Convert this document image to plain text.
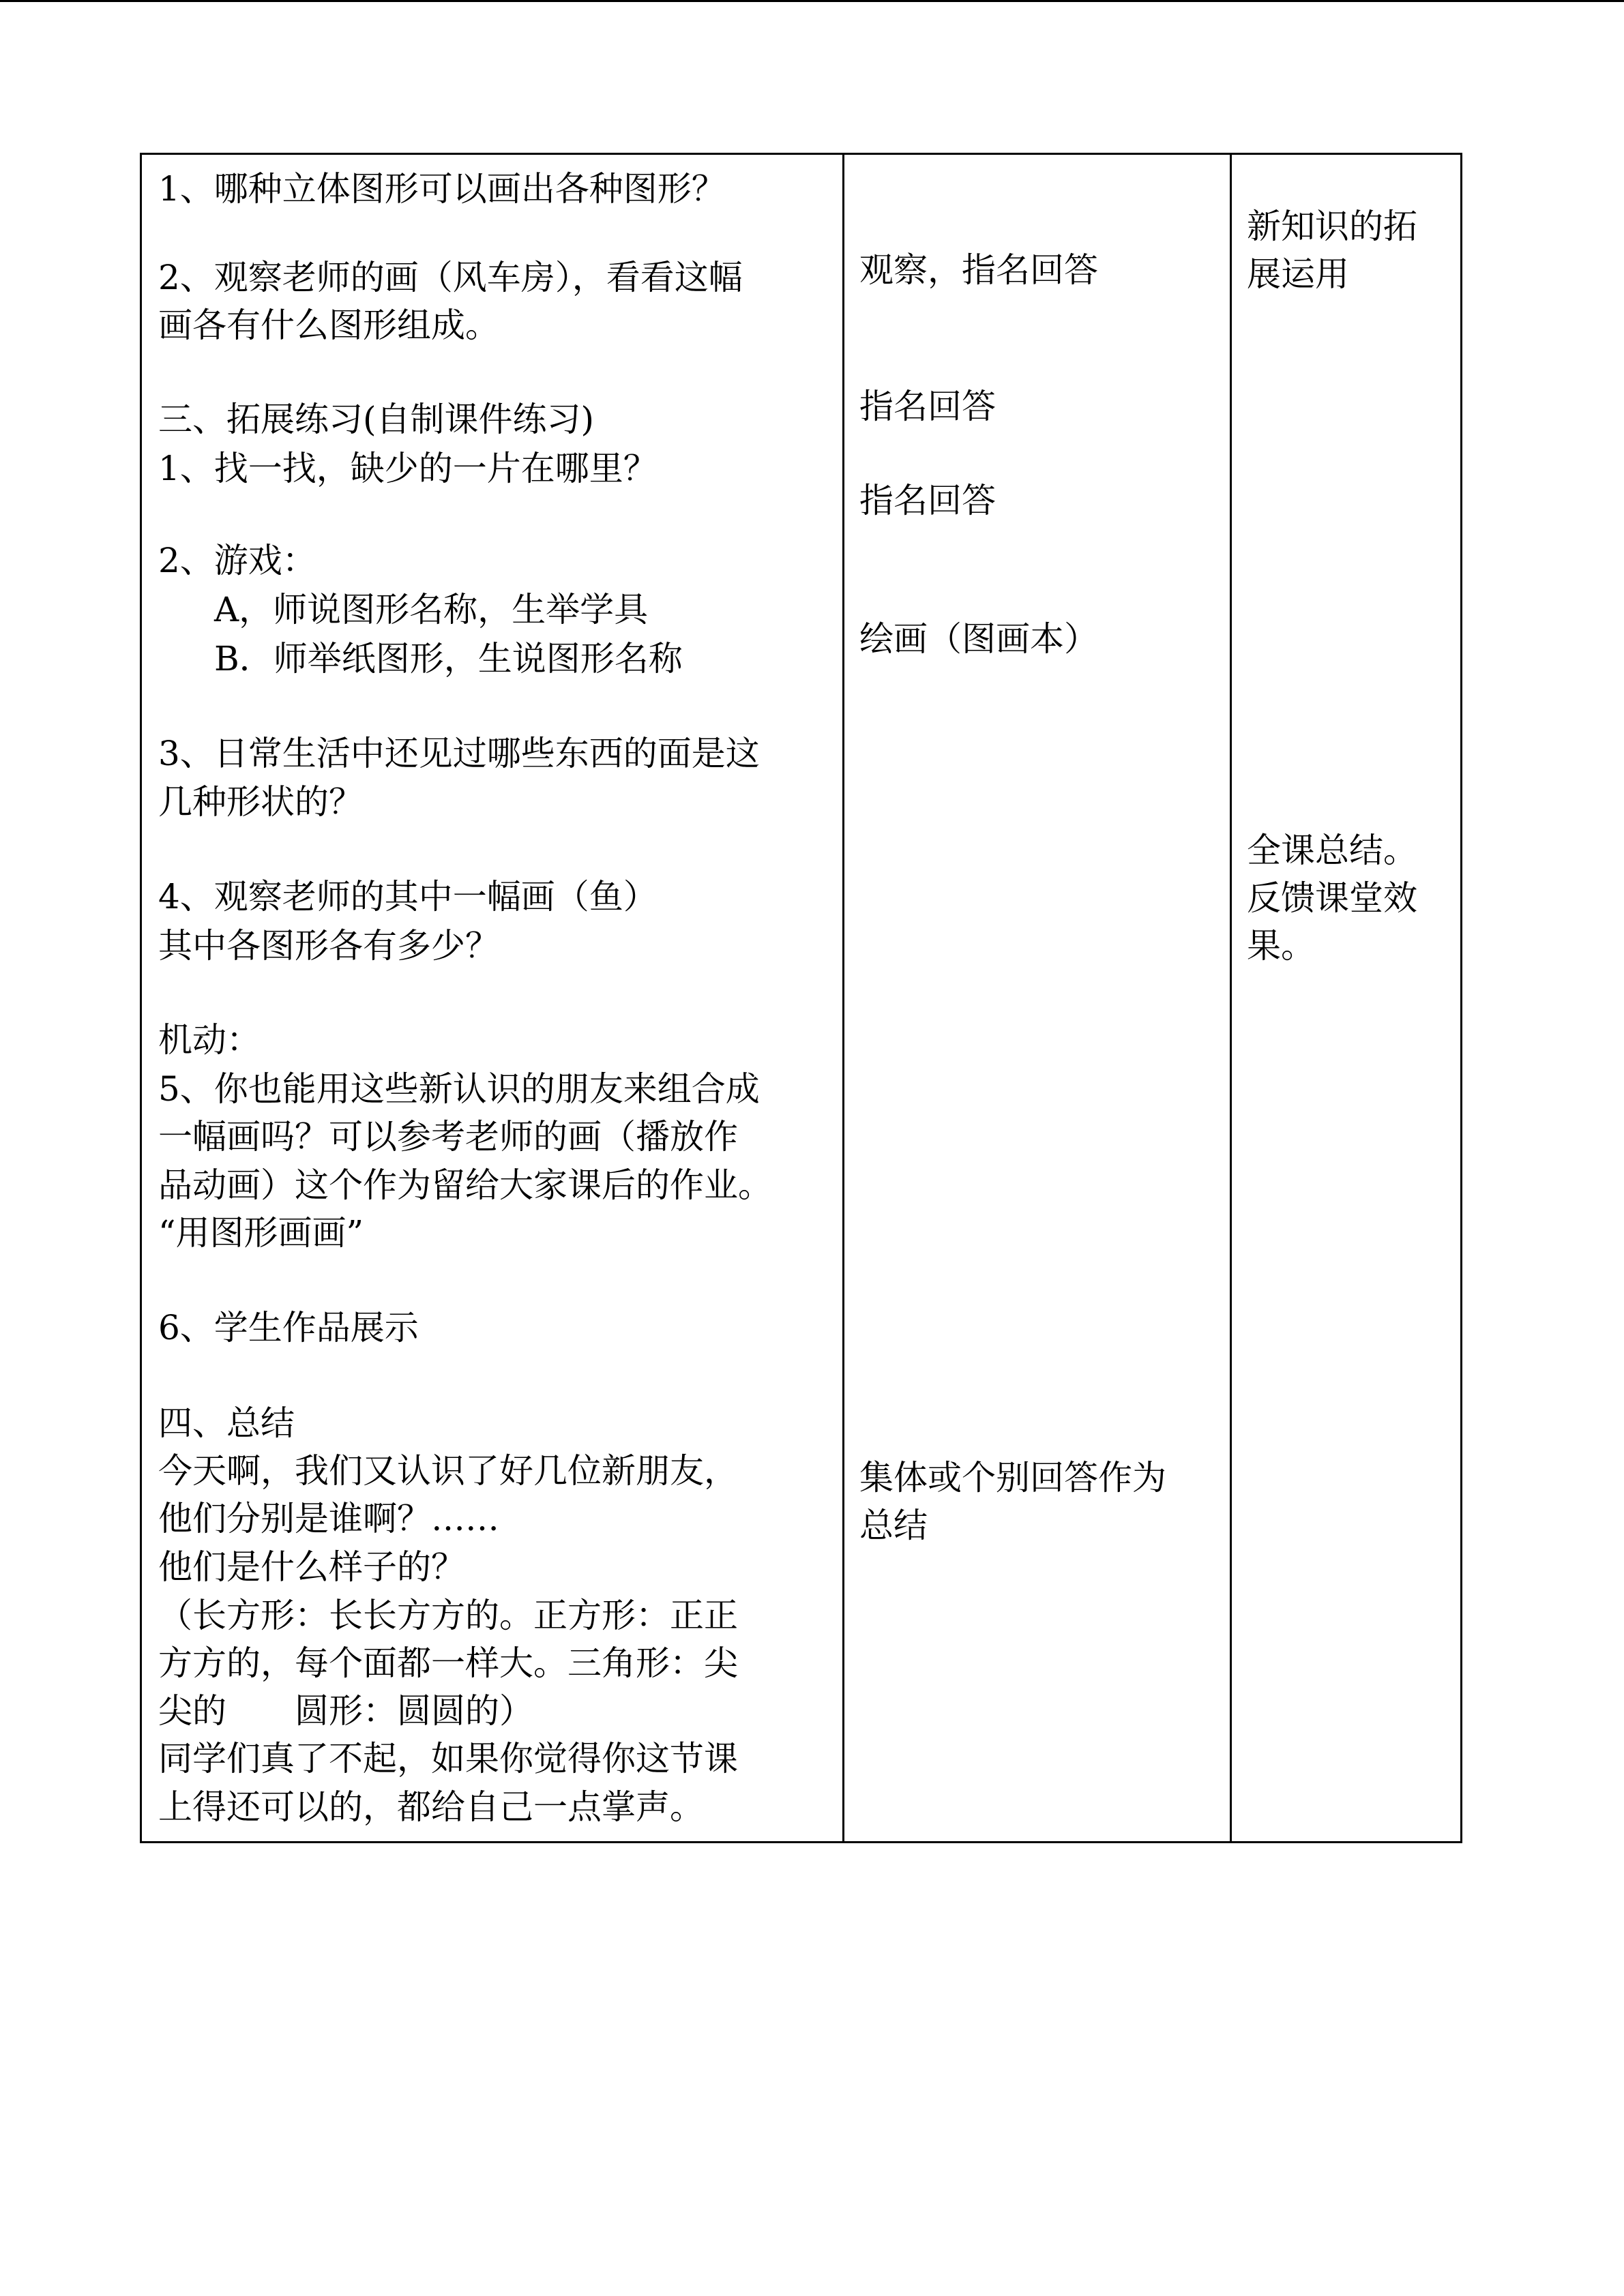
1、哪种立体图形可以画出各种图形？
2、观察老师的画（风车房），看看这幅
画各有什么图形组成。
三、拓展练习(自制课件练习)
1、找一找，缺少的一片在哪里？
2、游戏：
A，师说图形名称，生举学具
B．师举纸图形，生说图形名称
3、日常生活中还见过哪些东西的面是这
几种形状的？
4、观察老师的其中一幅画（鱼）
其中各图形各有多少？
机动：
5、你也能用这些新认识的朋友来组合成
一幅画吗？可以参考老师的画（播放作
品动画）这个作为留给大家课后的作业。
“用图形画画”
6、学生作品展示
四、总结
今天啊，我们又认识了好几位新朋友，
他们分别是谁啊？……
他们是什么样子的？
（长方形：长长方方的。正方形：正正
方方的，每个面都一样大。三角形：尖
尖的　　圆形：圆圆的）
同学们真了不起，如果你觉得你这节课
上得还可以的，都给自己一点掌声。

观察，指名回答
指名回答
指名回答
绘画（图画本）
集体或个别回答作为
总结

新知识的拓
展运用
全课总结。
反馈课堂效
果。
